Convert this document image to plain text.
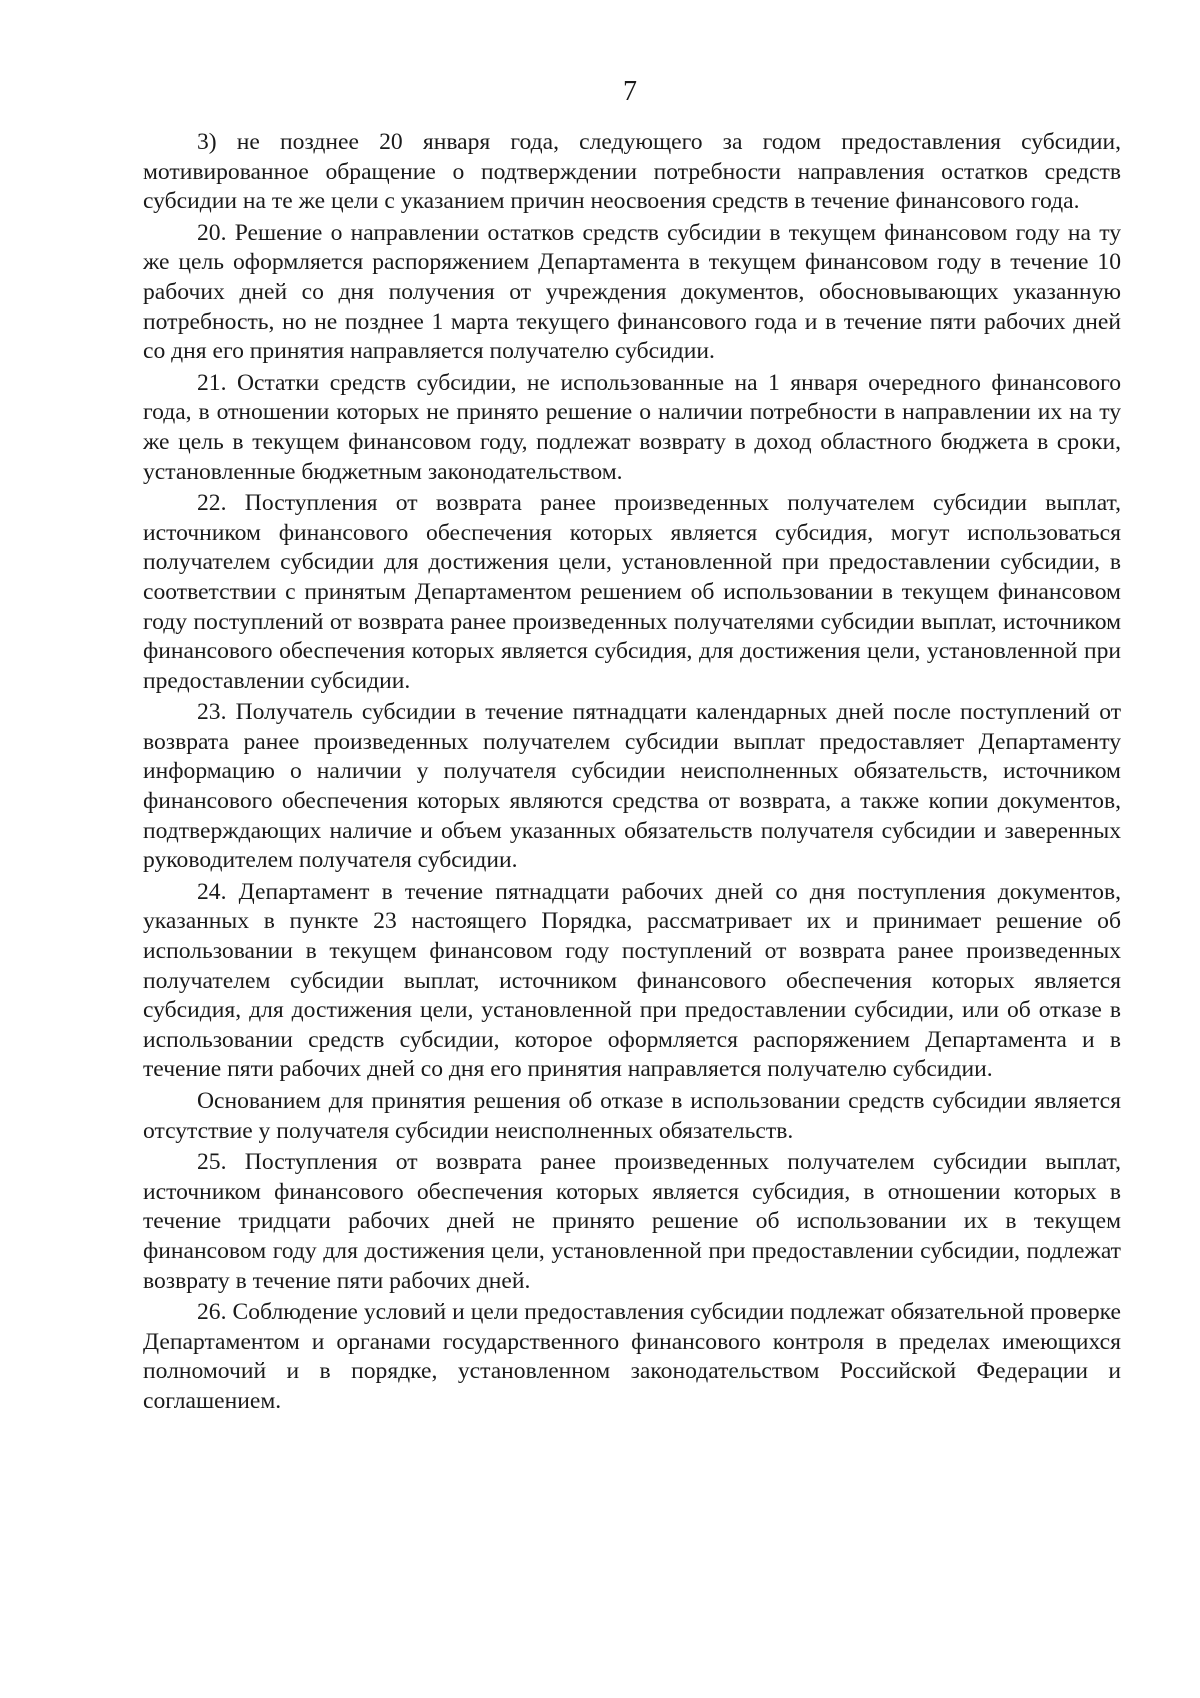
7

3) не позднее 20 января года, следующего за годом предоставления субсидии, мотивированное обращение о подтверждении потребности направления остатков средств субсидии на те же цели с указанием причин неосвоения средств в течение финансового года.

20. Решение о направлении остатков средств субсидии в текущем финансовом году на ту же цель оформляется распоряжением Департамента в текущем финансовом году в течение 10 рабочих дней со дня получения от учреждения документов, обосновывающих указанную потребность, но не позднее 1 марта текущего финансового года и в течение пяти рабочих дней со дня его принятия направляется получателю субсидии.

21. Остатки средств субсидии, не использованные на 1 января очередного финансового года, в отношении которых не принято решение о наличии потребности в направлении их на ту же цель в текущем финансовом году, подлежат возврату в доход областного бюджета в сроки, установленные бюджетным законодательством.

22. Поступления от возврата ранее произведенных получателем субсидии выплат, источником финансового обеспечения которых является субсидия, могут использоваться получателем субсидии для достижения цели, установленной при предоставлении субсидии, в соответствии с принятым Департаментом решением об использовании в текущем финансовом году поступлений от возврата ранее произведенных получателями субсидии выплат, источником финансового обеспечения которых является субсидия, для достижения цели, установленной при предоставлении субсидии.

23. Получатель субсидии в течение пятнадцати календарных дней после поступлений от возврата ранее произведенных получателем субсидии выплат предоставляет Департаменту информацию о наличии у получателя субсидии неисполненных обязательств, источником финансового обеспечения которых являются средства от возврата, а также копии документов, подтверждающих наличие и объем указанных обязательств получателя субсидии и заверенных руководителем получателя субсидии.

24. Департамент в течение пятнадцати рабочих дней со дня поступления документов, указанных в пункте 23 настоящего Порядка, рассматривает их и принимает решение об использовании в текущем финансовом году поступлений от возврата ранее произведенных получателем субсидии выплат, источником финансового обеспечения которых является субсидия, для достижения цели, установленной при предоставлении субсидии, или об отказе в использовании средств субсидии, которое оформляется распоряжением Департамента и в течение пяти рабочих дней со дня его принятия направляется получателю субсидии.

Основанием для принятия решения об отказе в использовании средств субсидии является отсутствие у получателя субсидии неисполненных обязательств.

25. Поступления от возврата ранее произведенных получателем субсидии выплат, источником финансового обеспечения которых является субсидия, в отношении которых в течение тридцати рабочих дней не принято решение об использовании их в текущем финансовом году для достижения цели, установленной при предоставлении субсидии, подлежат возврату в течение пяти рабочих дней.

26. Соблюдение условий и цели предоставления субсидии подлежат обязательной проверке Департаментом и органами государственного финансового контроля в пределах имеющихся полномочий и в порядке, установленном законодательством Российской Федерации и соглашением.
